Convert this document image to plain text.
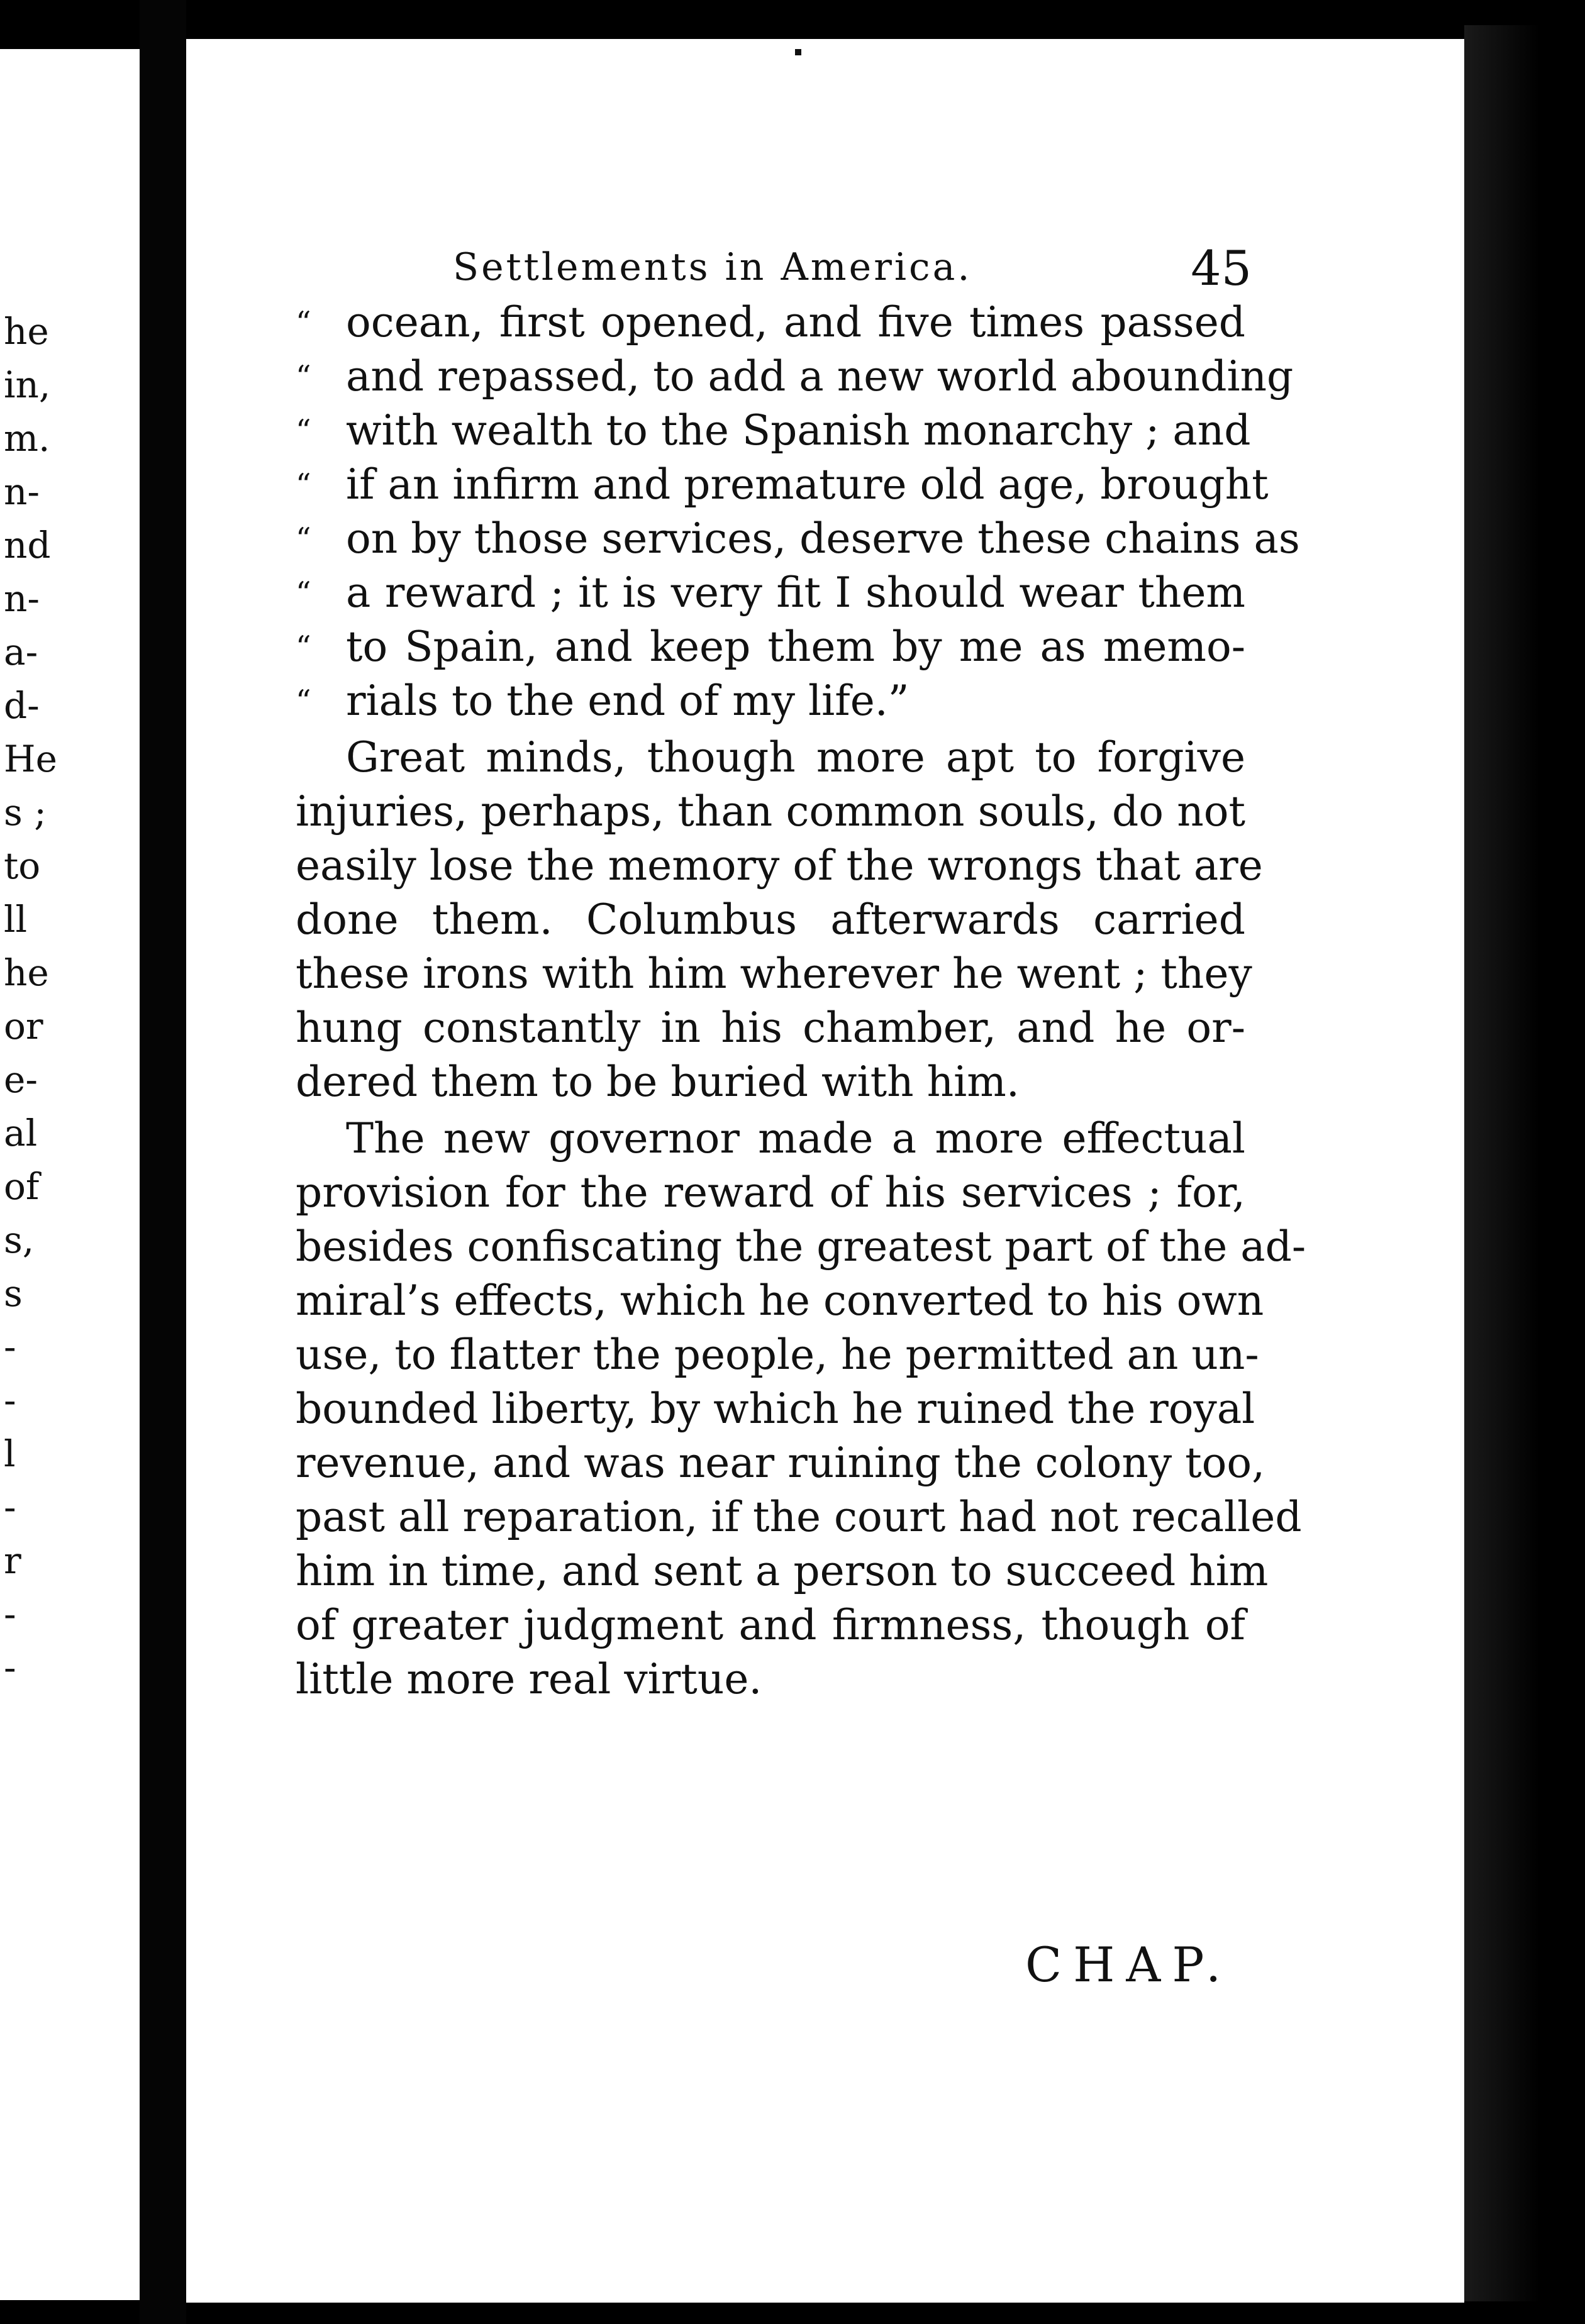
he
in,
m.
n-
nd
n-
a-
d-
He
s ;
to
ll
he
or
e-
al
of
s,
s
-
-
l
-
r
-
-
Settlements in America.	45
“ ocean, first opened, and five times passed
“ and repassed, to add a new world abounding
“ with wealth to the Spanish monarchy ; and
“ if an infirm and premature old age, brought
“ on by those services, deserve these chains as
“ a reward ; it is very fit I should wear them
“ to Spain, and keep them by me as memo-
“ rials to the end of my life.”
Great minds, though more apt to forgive
injuries, perhaps, than common souls, do not
easily lose the memory of the wrongs that are
done them. Columbus afterwards carried
these irons with him wherever he went ; they
hung constantly in his chamber, and he or-
dered them to be buried with him.
The new governor made a more effectual
provision for the reward of his services ; for,
besides confiscating the greatest part of the ad-
miral’s effects, which he converted to his own
use, to flatter the people, he permitted an un-
bounded liberty, by which he ruined the royal
revenue, and was near ruining the colony too,
past all reparation, if the court had not recalled
him in time, and sent a person to succeed him
of greater judgment and firmness, though of
little more real virtue.
CHAP.
